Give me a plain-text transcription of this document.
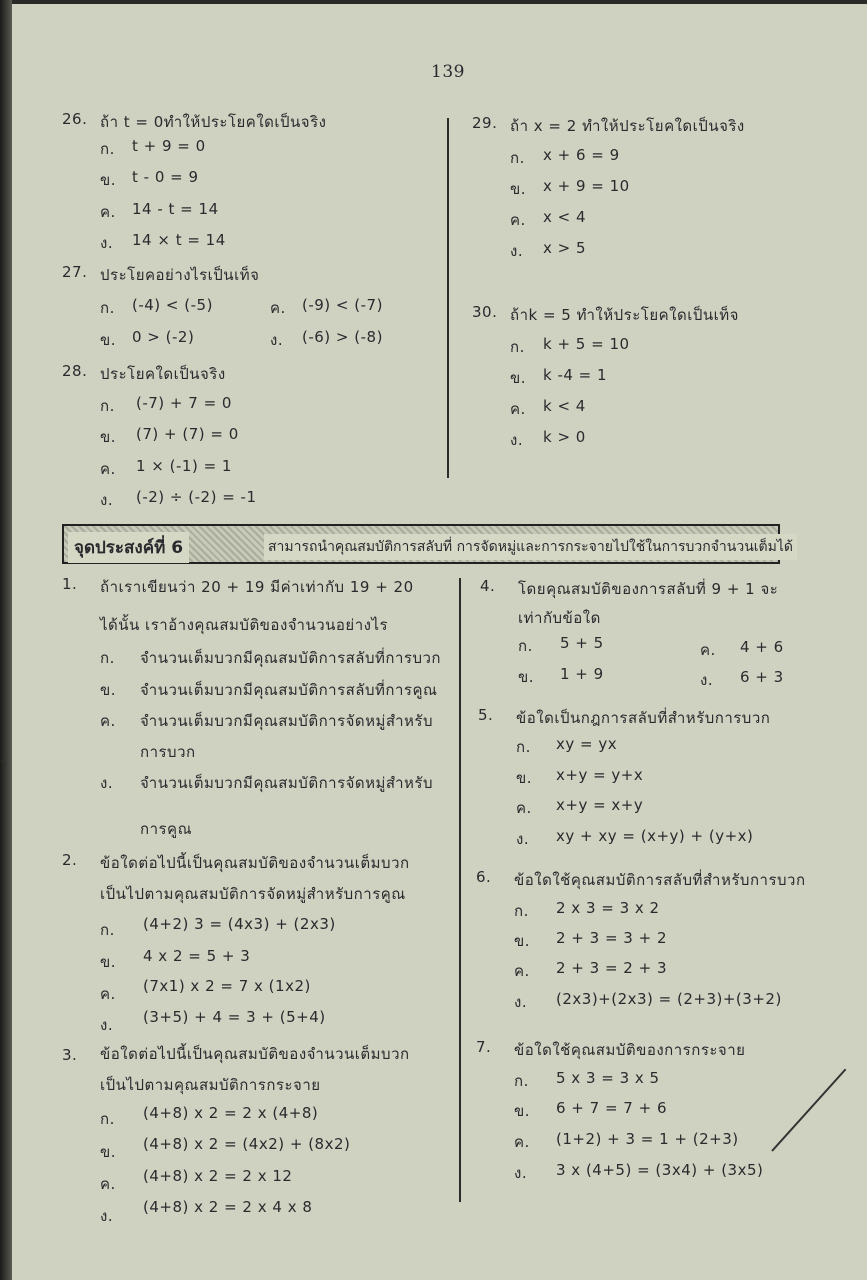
า
139
26. ถ้า t = 0ทำให้ประโยคใดเป็นจริง
ก. t + 9 = 0
ข. t - 0 = 9
ค. 14 - t = 14
ง. 14 × t = 14
27. ประโยคอย่างไรเป็นเท็จ
ก. (-4) < (-5)	ค. (-9) < (-7)
ข. 0 > (-2)	ง. (-6) > (-8)
28. ประโยคใดเป็นจริง
ก. (-7) + 7 = 0
ข. (7) + (7) = 0
ค. 1 × (-1) = 1
ง. (-2) ÷ (-2) = -1
29. ถ้า x = 2 ทำให้ประโยคใดเป็นจริง
ก. x + 6 = 9
ข. x + 9 = 10
ค. x < 4
ง. x > 5
30. ถ้าk = 5 ทำให้ประโยคใดเป็นเท็จ
ก. k + 5 = 10
ข. k -4 = 1
ค. k < 4
ง. k > 0
จุดประสงค์ที่ 6	สามารถนำคุณสมบัติการสลับที่ การจัดหมู่และการกระจายไปใช้ในการบวกจำนวนเต็มได้
1. ถ้าเราเขียนว่า 20 + 19 มีค่าเท่ากับ 19 + 20
ได้นั้น เราอ้างคุณสมบัติของจำนวนอย่างไร
ก. จำนวนเต็มบวกมีคุณสมบัติการสลับที่การบวก
ข. จำนวนเต็มบวกมีคุณสมบัติการสลับที่การคูณ
ค. จำนวนเต็มบวกมีคุณสมบัติการจัดหมู่สำหรับ
การบวก
ง. จำนวนเต็มบวกมีคุณสมบัติการจัดหมู่สำหรับ
การคูณ
2. ข้อใดต่อไปนี้เป็นคุณสมบัติของจำนวนเต็มบวก
เป็นไปตามคุณสมบัติการจัดหมู่สำหรับการคูณ
ก. (4+2) 3 = (4x3) + (2x3)
ข. 4 x 2 = 5 + 3
ค. (7x1) x 2 = 7 x (1x2)
ง. (3+5) + 4 = 3 + (5+4)
3. ข้อใดต่อไปนี้เป็นคุณสมบัติของจำนวนเต็มบวก
เป็นไปตามคุณสมบัติการกระจาย
ก. (4+8) x 2 = 2 x (4+8)
ข. (4+8) x 2 = (4x2) + (8x2)
ค. (4+8) x 2 = 2 x 12
ง. (4+8) x 2 = 2 x 4 x 8
4. โดยคุณสมบัติของการสลับที่ 9 + 1 จะ
เท่ากับข้อใด
ก. 5 + 5	ค. 4 + 6
ข. 1 + 9	ง. 6 + 3
5. ข้อใดเป็นกฎการสลับที่สำหรับการบวก
ก. xy = yx
ข. x+y = y+x
ค. x+y = x+y
ง. xy + xy = (x+y) + (y+x)
6. ข้อใดใช้คุณสมบัติการสลับที่สำหรับการบวก
ก. 2 x 3 = 3 x 2
ข. 2 + 3 = 3 + 2
ค. 2 + 3 = 2 + 3
ง. (2x3)+(2x3) = (2+3)+(3+2)
7. ข้อใดใช้คุณสมบัติของการกระจาย
ก. 5 x 3 = 3 x 5
ข. 6 + 7 = 7 + 6
ค. (1+2) + 3 = 1 + (2+3)
ง. 3 x (4+5) = (3x4) + (3x5)
